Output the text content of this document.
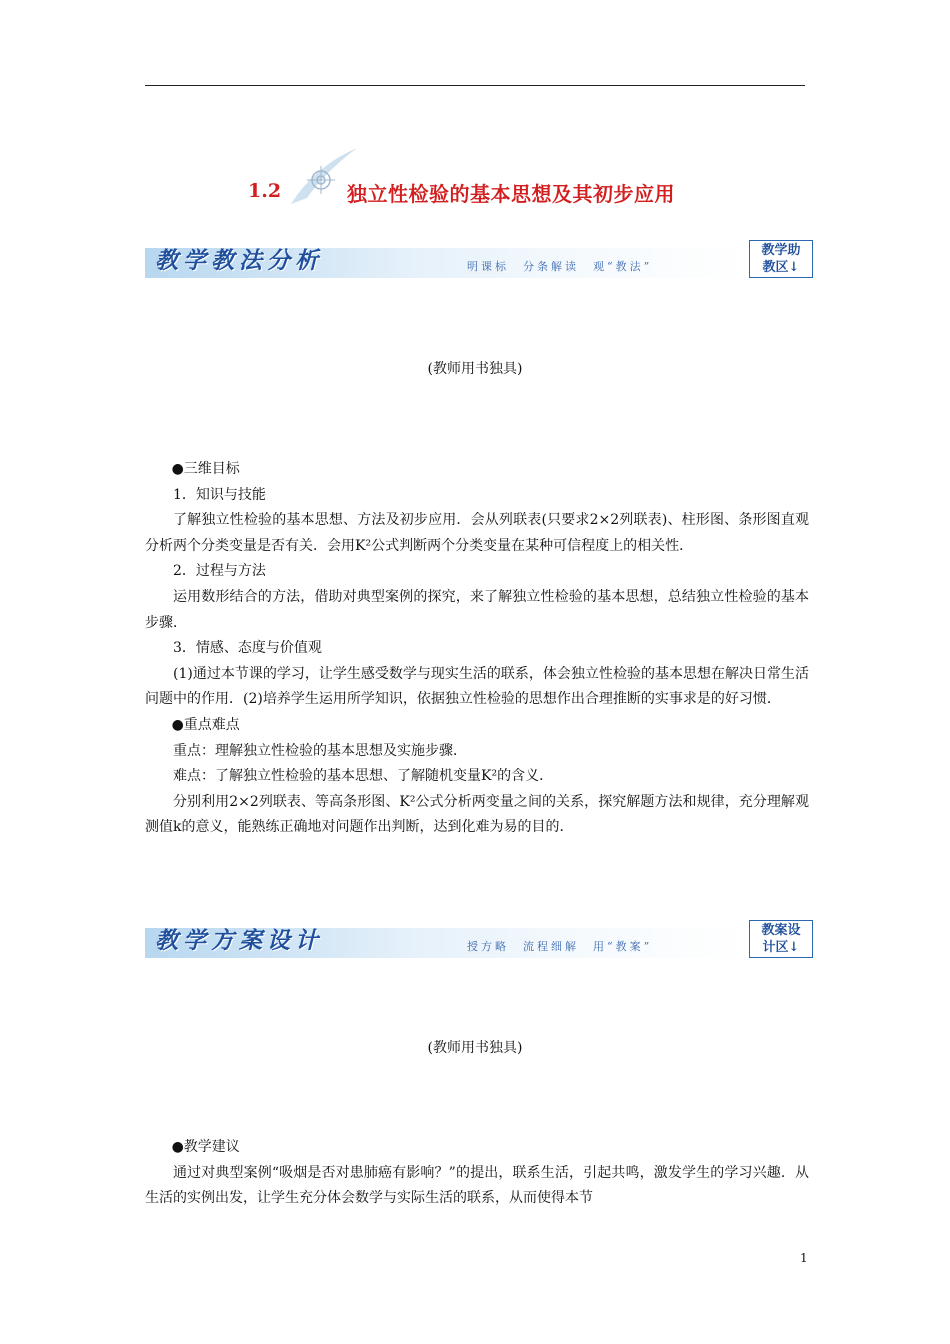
1.2	独立性检验的基本思想及其初步应用
教学教法分析	明课标　分条解读　观“教法”
教学助
教区↓
(教师用书独具)

●三维目标

1．知识与技能

了解独立性检验的基本思想、方法及初步应用．会从列联表(只要求2×2列联表)、柱形图、条形图直观分析两个分类变量是否有关．会用K²公式判断两个分类变量在某种可信程度上的相关性．

2．过程与方法

运用数形结合的方法，借助对典型案例的探究，来了解独立性检验的基本思想，总结独立性检验的基本步骤．

3．情感、态度与价值观

(1)通过本节课的学习，让学生感受数学与现实生活的联系，体会独立性检验的基本思想在解决日常生活问题中的作用．(2)培养学生运用所学知识，依据独立性检验的思想作出合理推断的实事求是的好习惯．

●重点难点

重点：理解独立性检验的基本思想及实施步骤．

难点：了解独立性检验的基本思想、了解随机变量K²的含义．

分别利用2×2列联表、等高条形图、K²公式分析两变量之间的关系，探究解题方法和规律，充分理解观测值k的意义，能熟练正确地对问题作出判断，达到化难为易的目的．

教学方案设计	授方略　流程细解　用“教案”
教案设
计区↓
(教师用书独具)

●教学建议

通过对典型案例“吸烟是否对患肺癌有影响？”的提出，联系生活，引起共鸣，激发学生的学习兴趣．从生活的实例出发，让学生充分体会数学与实际生活的联系，从而使得本节

1
